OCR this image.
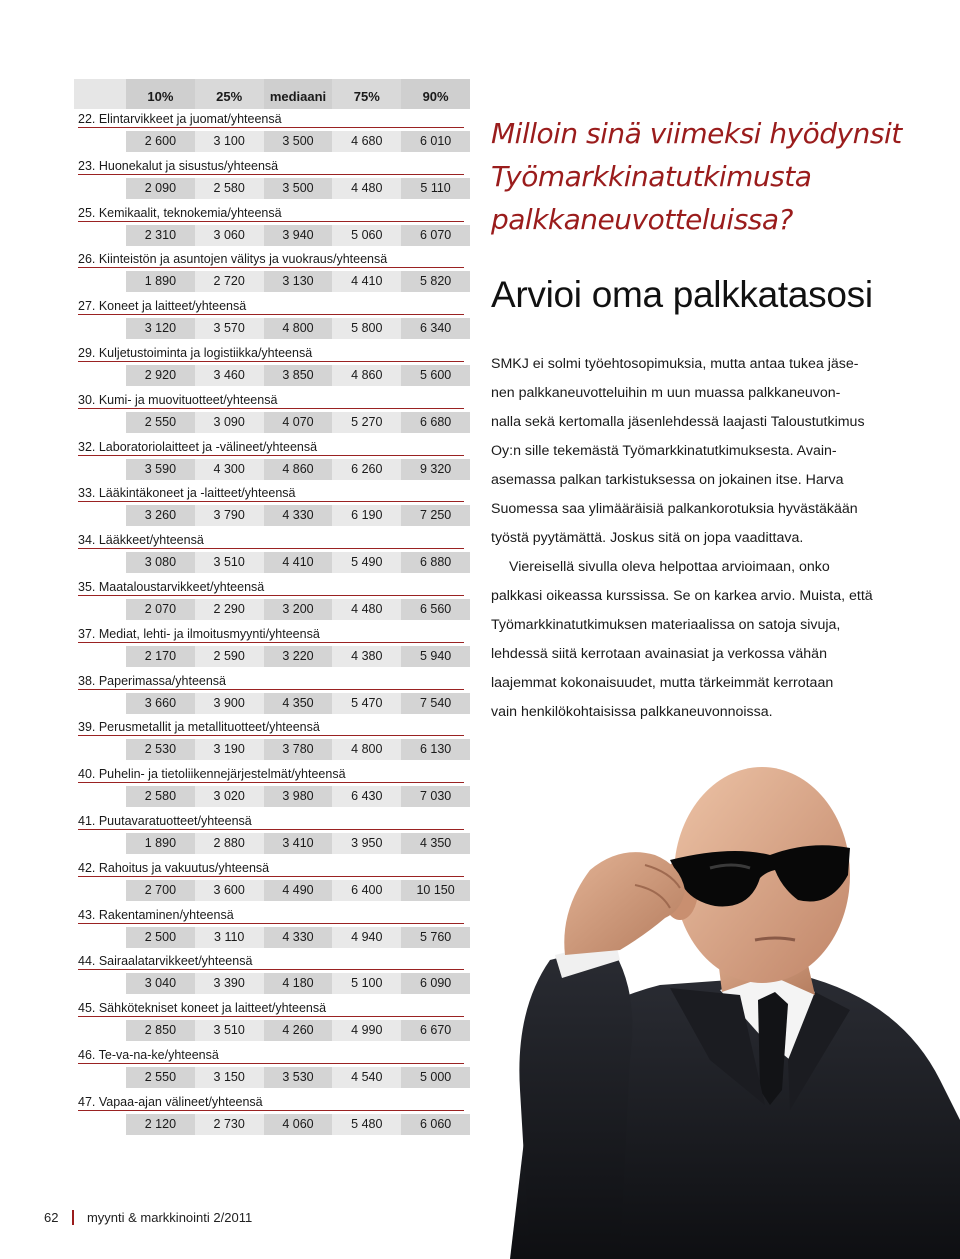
10%	25%	mediaani	75%	90%
22. Elintarvikkeet ja juomat/yhteensä
2 600	3 100	3 500	4 680	6 010
23. Huonekalut ja sisustus/yhteensä
2 090	2 580	3 500	4 480	5 110
25. Kemikaalit, teknokemia/yhteensä
2 310	3 060	3 940	5 060	6 070
26. Kiinteistön ja asuntojen välitys ja vuokraus/yhteensä
1 890	2 720	3 130	4 410	5 820
27. Koneet ja laitteet/yhteensä
3 120	3 570	4 800	5 800	6 340
29. Kuljetustoiminta ja logistiikka/yhteensä
2 920	3 460	3 850	4 860	5 600
30. Kumi- ja muovituotteet/yhteensä
2 550	3 090	4 070	5 270	6 680
32. Laboratoriolaitteet ja -välineet/yhteensä
3 590	4 300	4 860	6 260	9 320
33. Lääkintäkoneet ja -laitteet/yhteensä
3 260	3 790	4 330	6 190	7 250
34. Lääkkeet/yhteensä
3 080	3 510	4 410	5 490	6 880
35. Maataloustarvikkeet/yhteensä
2 070	2 290	3 200	4 480	6 560
37. Mediat, lehti- ja ilmoitusmyynti/yhteensä
2 170	2 590	3 220	4 380	5 940
38. Paperimassa/yhteensä
3 660	3 900	4 350	5 470	7 540
39. Perusmetallit ja metallituotteet/yhteensä
2 530	3 190	3 780	4 800	6 130
40. Puhelin- ja tietoliikennejärjestelmät/yhteensä
2 580	3 020	3 980	6 430	7 030
41. Puutavaratuotteet/yhteensä
1 890	2 880	3 410	3 950	4 350
42. Rahoitus ja vakuutus/yhteensä
2 700	3 600	4 490	6 400	10 150
43. Rakentaminen/yhteensä
2 500	3 110	4 330	4 940	5 760
44. Sairaalatarvikkeet/yhteensä
3 040	3 390	4 180	5 100	6 090
45. Sähkötekniset koneet ja laitteet/yhteensä
2 850	3 510	4 260	4 990	6 670
46. Te-va-na-ke/yhteensä
2 550	3 150	3 530	4 540	5 000
47. Vapaa-ajan välineet/yhteensä
2 120	2 730	4 060	5 480	6 060
Milloin sinä viimeksi hyödynsit
Työmarkkinatutkimusta
palkkaneuvotteluissa?
Arvioi oma palkkatasosi

SMKJ ei solmi työehtosopimuksia, mutta antaa tukea jäse-

nen palkkaneuvotteluihin m uun muassa palkkaneuvon-

nalla sekä kertomalla jäsenlehdessä laajasti Taloustutkimus

Oy:n sille tekemästä Työmarkkinatutkimuksesta. Avain-

asemassa palkan tarkistuksessa on jokainen itse. Harva

Suomessa saa ylimääräisiä palkankorotuksia hyvästäkään

työstä pyytämättä. Joskus sitä on jopa vaadittava.

Viereisellä sivulla oleva helpottaa arvioimaan, onko

palkkasi oikeassa kurssissa. Se on karkea arvio. Muista, että

Työmarkkinatutkimuksen materiaalissa on satoja sivuja,

lehdessä siitä kerrotaan avainasiat ja verkossa vähän

laajemmat kokonaisuudet, mutta tärkeimmät kerrotaan

vain henkilökohtaisissa palkkaneuvonnoissa.

62 myynti & markkinointi 2/2011
